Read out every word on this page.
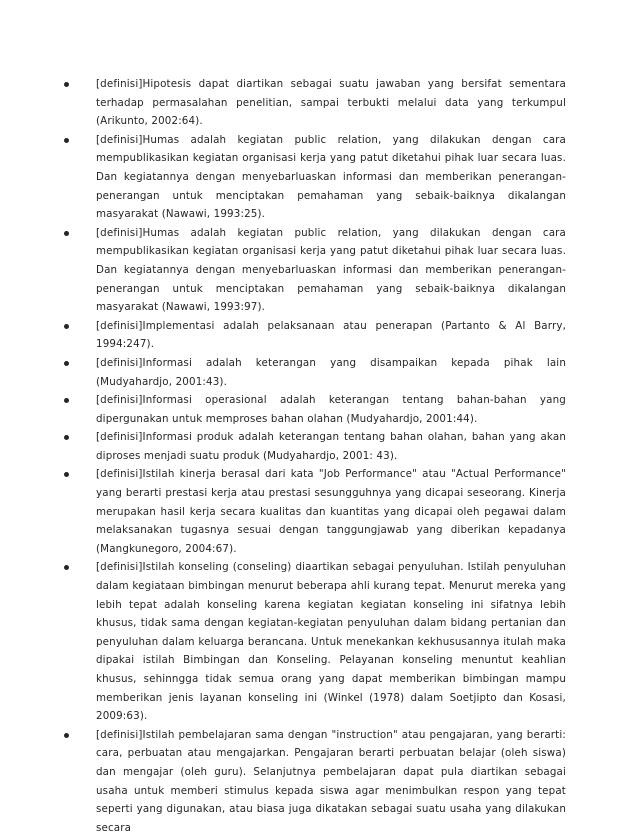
[definisi]Hipotesis dapat diartikan sebagai suatu jawaban yang bersifat sementara terhadap permasalahan penelitian, sampai terbukti melalui data yang terkumpul (Arikunto, 2002:64).
[definisi]Humas adalah kegiatan public relation, yang dilakukan dengan cara mempublikasikan kegiatan organisasi kerja yang patut diketahui pihak luar secara luas. Dan kegiatannya dengan menyebarluaskan informasi dan memberikan penerangan-penerangan untuk menciptakan pemahaman yang sebaik-baiknya dikalangan masyarakat (Nawawi, 1993:25).
[definisi]Humas adalah kegiatan public relation, yang dilakukan dengan cara mempublikasikan kegiatan organisasi kerja yang patut diketahui pihak luar secara luas. Dan kegiatannya dengan menyebarluaskan informasi dan memberikan penerangan-penerangan untuk menciptakan pemahaman yang sebaik-baiknya dikalangan masyarakat (Nawawi, 1993:97).
[definisi]Implementasi adalah pelaksanaan atau penerapan (Partanto & Al Barry, 1994:247).
[definisi]Informasi adalah keterangan yang disampaikan kepada pihak lain (Mudyahardjo, 2001:43).
[definisi]Informasi operasional adalah keterangan tentang bahan-bahan yang dipergunakan untuk memproses bahan olahan (Mudyahardjo, 2001:44).
[definisi]Informasi produk adalah keterangan tentang bahan olahan, bahan yang akan diproses menjadi suatu produk (Mudyahardjo, 2001: 43).
[definisi]Istilah kinerja berasal dari kata "Job Performance" atau "Actual Performance" yang berarti prestasi kerja atau prestasi sesungguhnya yang dicapai seseorang. Kinerja merupakan hasil kerja secara kualitas dan kuantitas yang dicapai oleh pegawai dalam melaksanakan tugasnya sesuai dengan tanggungjawab yang diberikan kepadanya (Mangkunegoro, 2004:67).
[definisi]Istilah konseling (conseling) diaartikan sebagai penyuluhan. Istilah penyuluhan dalam kegiataan bimbingan menurut beberapa ahli kurang tepat. Menurut mereka yang lebih tepat adalah konseling karena kegiatan kegiatan konseling ini sifatnya lebih khusus, tidak sama dengan kegiatan-kegiatan penyuluhan dalam bidang pertanian dan penyuluhan dalam keluarga berancana. Untuk menekankan kekhususannya itulah maka dipakai istilah Bimbingan dan Konseling. Pelayanan konseling menuntut keahlian khusus, sehinngga tidak semua orang yang dapat memberikan bimbingan mampu memberikan jenis layanan konseling ini (Winkel (1978) dalam Soetjipto dan Kosasi, 2009:63).
[definisi]Istilah pembelajaran sama dengan "instruction" atau pengajaran, yang berarti: cara, perbuatan atau mengajarkan. Pengajaran berarti perbuatan belajar (oleh siswa) dan mengajar (oleh guru). Selanjutnya pembelajaran dapat pula diartikan sebagai usaha untuk memberi stimulus kepada siswa agar menimbulkan respon yang tepat seperti yang digunakan, atau biasa juga dikatakan sebagai suatu usaha yang dilakukan secara
